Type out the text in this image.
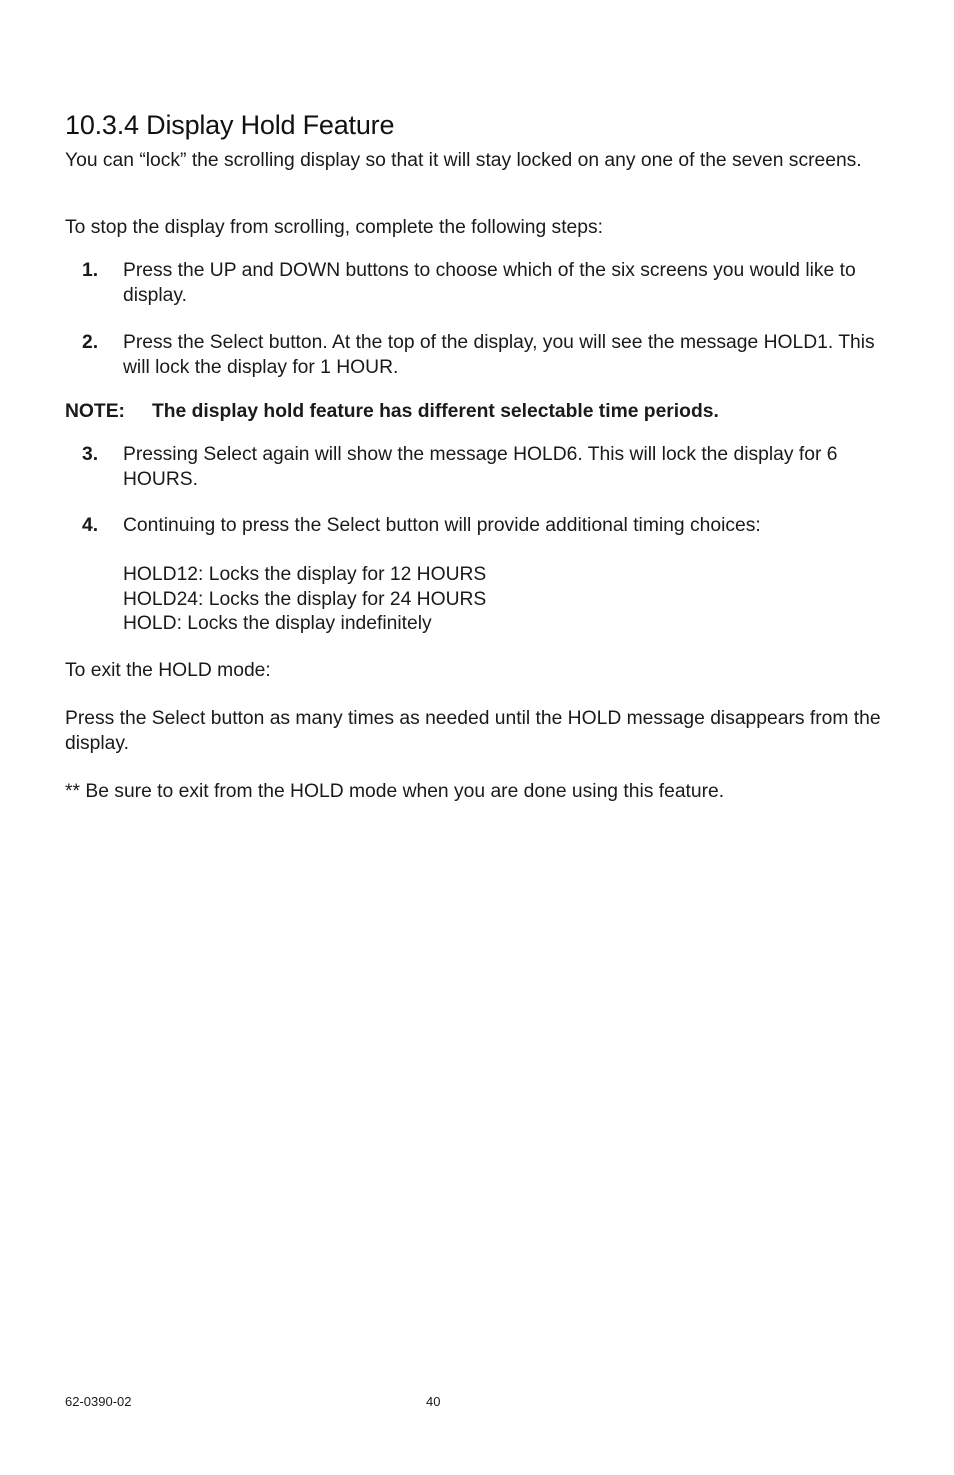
10.3.4 Display Hold Feature

You can “lock” the scrolling display so that it will stay locked on any one of the seven screens.

To stop the display from scrolling, complete the following steps:

1. Press the UP and DOWN buttons to choose which of the six screens you would like to display.
2. Press the Select button. At the top of the display, you will see the message HOLD1. This will lock the display for 1 HOUR.
NOTE: The display hold feature has different selectable time periods.
3. Pressing Select again will show the message HOLD6. This will lock the display for 6 HOURS.
4. Continuing to press the Select button will provide additional timing choices:
HOLD12: Locks the display for 12 HOURS
HOLD24: Locks the display for 24 HOURS
HOLD: Locks the display indefinitely

To exit the HOLD mode:

Press the Select button as many times as needed until the HOLD message disappears from the display.

** Be sure to exit from the HOLD mode when you are done using this feature.

62-0390-02	40
